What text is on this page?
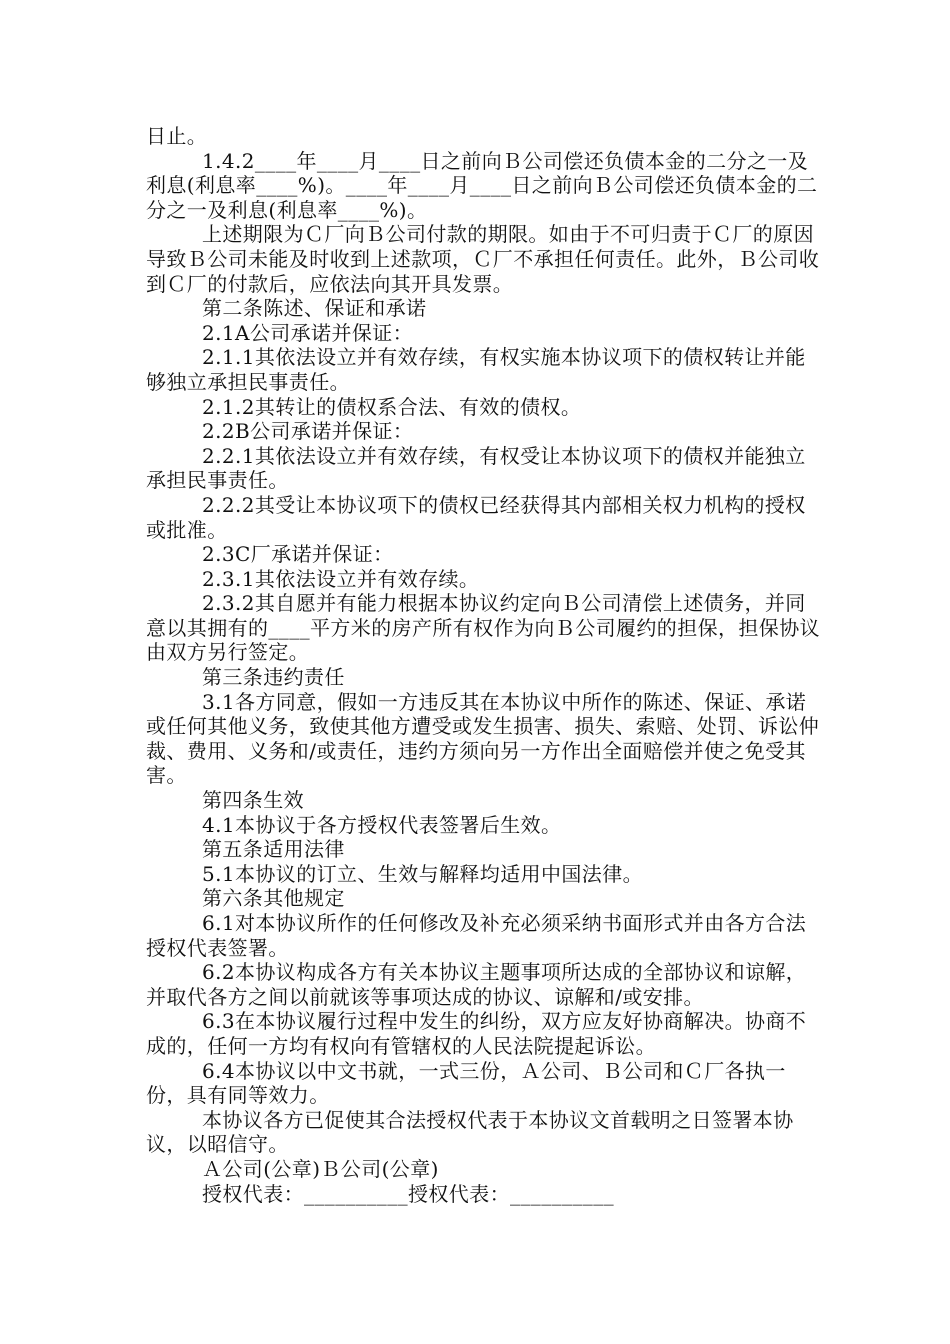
日止。

1.4.2____年____月____日之前向Ｂ公司偿还负债本金的二分之一及利息(利息率____%)。____年____月____日之前向Ｂ公司偿还负债本金的二分之一及利息(利息率____%)。

上述期限为Ｃ厂向Ｂ公司付款的期限。如由于不可归责于Ｃ厂的原因导致Ｂ公司未能及时收到上述款项，Ｃ厂不承担任何责任。此外，Ｂ公司收到Ｃ厂的付款后，应依法向其开具发票。

第二条陈述、保证和承诺

2.1A公司承诺并保证：

2.1.1其依法设立并有效存续，有权实施本协议项下的债权转让并能够独立承担民事责任。

2.1.2其转让的债权系合法、有效的债权。

2.2B公司承诺并保证：

2.2.1其依法设立并有效存续，有权受让本协议项下的债权并能独立承担民事责任。

2.2.2其受让本协议项下的债权已经获得其内部相关权力机构的授权或批准。

2.3C厂承诺并保证：

2.3.1其依法设立并有效存续。

2.3.2其自愿并有能力根据本协议约定向Ｂ公司清偿上述债务，并同意以其拥有的____平方米的房产所有权作为向Ｂ公司履约的担保，担保协议由双方另行签定。

第三条违约责任

3.1各方同意，假如一方违反其在本协议中所作的陈述、保证、承诺或任何其他义务，致使其他方遭受或发生损害、损失、索赔、处罚、诉讼仲裁、费用、义务和/或责任，违约方须向另一方作出全面赔偿并使之免受其害。

第四条生效

4.1本协议于各方授权代表签署后生效。

第五条适用法律

5.1本协议的订立、生效与解释均适用中国法律。

第六条其他规定

6.1对本协议所作的任何修改及补充必须采纳书面形式并由各方合法授权代表签署。

6.2本协议构成各方有关本协议主题事项所达成的全部协议和谅解，并取代各方之间以前就该等事项达成的协议、谅解和/或安排。

6.3在本协议履行过程中发生的纠纷，双方应友好协商解决。协商不成的，任何一方均有权向有管辖权的人民法院提起诉讼。

6.4本协议以中文书就，一式三份，Ａ公司、Ｂ公司和Ｃ厂各执一份，具有同等效力。

本协议各方已促使其合法授权代表于本协议文首载明之日签署本协议，以昭信守。

Ａ公司(公章)Ｂ公司(公章)

授权代表：__________授权代表：__________
